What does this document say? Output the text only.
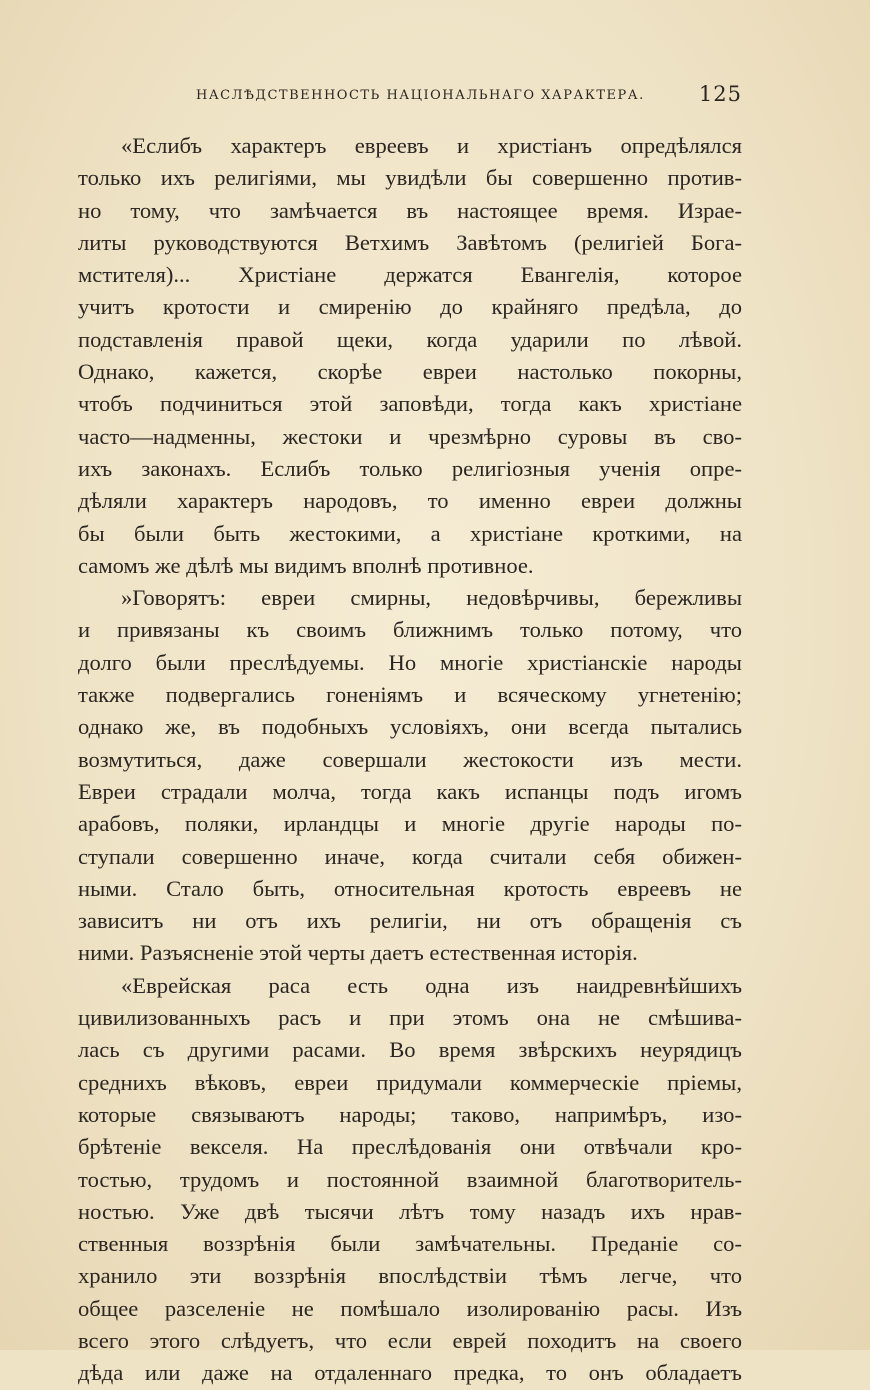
НАСЛѢДСТВЕННОСТЬ НАЦІОНАЛЬНАГО ХАРАКТЕРА.	125
«Еслибъ характеръ евреевъ и христіанъ опредѣлялся
только ихъ религіями, мы увидѣли бы совершенно против-
но тому, что замѣчается въ настоящее время. Израе-
литы руководствуются Ветхимъ Завѣтомъ (религіей Бога-
мстителя)... Христіане держатся Евангелія, которое
учитъ кротости и смиренію до крайняго предѣла, до
подставленія правой щеки, когда ударили по лѣвой.
Однако, кажется, скорѣе евреи настолько покорны,
чтобъ подчиниться этой заповѣди, тогда какъ христіане
часто—надменны, жестоки и чрезмѣрно суровы въ сво-
ихъ законахъ. Еслибъ только религіозныя ученія опре-
дѣляли характеръ народовъ, то именно евреи должны
бы были быть жестокими, а христіане кроткими, на
самомъ же дѣлѣ мы видимъ вполнѣ противное.
»Говорятъ: евреи смирны, недовѣрчивы, бережливы
и привязаны къ своимъ ближнимъ только потому, что
долго были преслѣдуемы. Но многіе христіанскіе народы
также подвергались гоненіямъ и всяческому угнетенію;
однако же, въ подобныхъ условіяхъ, они всегда пытались
возмутиться, даже совершали жестокости изъ мести.
Евреи страдали молча, тогда какъ испанцы подъ игомъ
арабовъ, поляки, ирландцы и многіе другіе народы по-
ступали совершенно иначе, когда считали себя обижен-
ными. Стало быть, относительная кротость евреевъ не
зависитъ ни отъ ихъ религіи, ни отъ обращенія съ
ними. Разъясненіе этой черты даетъ естественная исторія.
«Еврейская раса есть одна изъ наидревнѣйшихъ
цивилизованныхъ расъ и при этомъ она не смѣшива-
лась съ другими расами. Во время звѣрскихъ неурядицъ
среднихъ вѣковъ, евреи придумали коммерческіе пріемы,
которые связываютъ народы; таково, напримѣръ, изо-
брѣтеніе векселя. На преслѣдованія они отвѣчали кро-
тостью, трудомъ и постоянной взаимной благотворитель-
ностью. Уже двѣ тысячи лѣтъ тому назадъ ихъ нрав-
ственныя воззрѣнія были замѣчательны. Преданіе со-
хранило эти воззрѣнія впослѣдствіи тѣмъ легче, что
общее разселеніе не помѣшало изолированію расы. Изъ
всего этого слѣдуетъ, что если еврей походитъ на своего
дѣда или даже на отдаленнаго предка, то онъ обладаетъ
